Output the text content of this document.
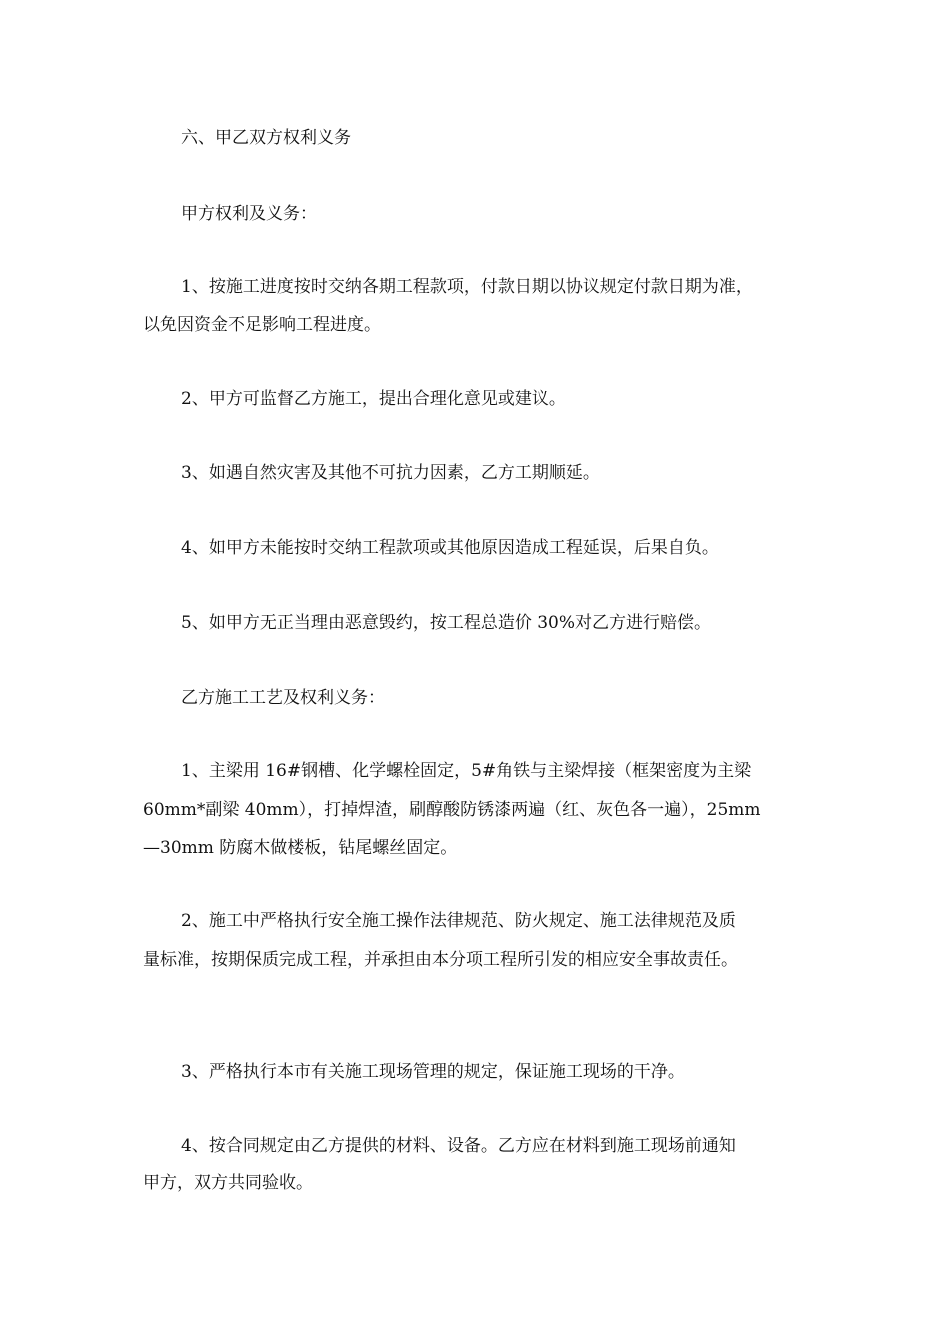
六、甲乙双方权利义务
甲方权利及义务：
1、按施工进度按时交纳各期工程款项，付款日期以协议规定付款日期为准，
以免因资金不足影响工程进度。
2、甲方可监督乙方施工，提出合理化意见或建议。
3、如遇自然灾害及其他不可抗力因素，乙方工期顺延。
4、如甲方未能按时交纳工程款项或其他原因造成工程延误，后果自负。
5、如甲方无正当理由恶意毁约，按工程总造价 30%对乙方进行赔偿。
乙方施工工艺及权利义务：
1、主梁用 16#钢槽、化学螺栓固定，5#角铁与主梁焊接（框架密度为主梁
60mm*副梁 40mm），打掉焊渣，刷醇酸防锈漆两遍（红、灰色各一遍），25mm
—30mm 防腐木做楼板，钻尾螺丝固定。
2、施工中严格执行安全施工操作法律规范、防火规定、施工法律规范及质
量标准，按期保质完成工程，并承担由本分项工程所引发的相应安全事故责任。
3、严格执行本市有关施工现场管理的规定，保证施工现场的干净。
4、按合同规定由乙方提供的材料、设备。乙方应在材料到施工现场前通知
甲方，双方共同验收。
